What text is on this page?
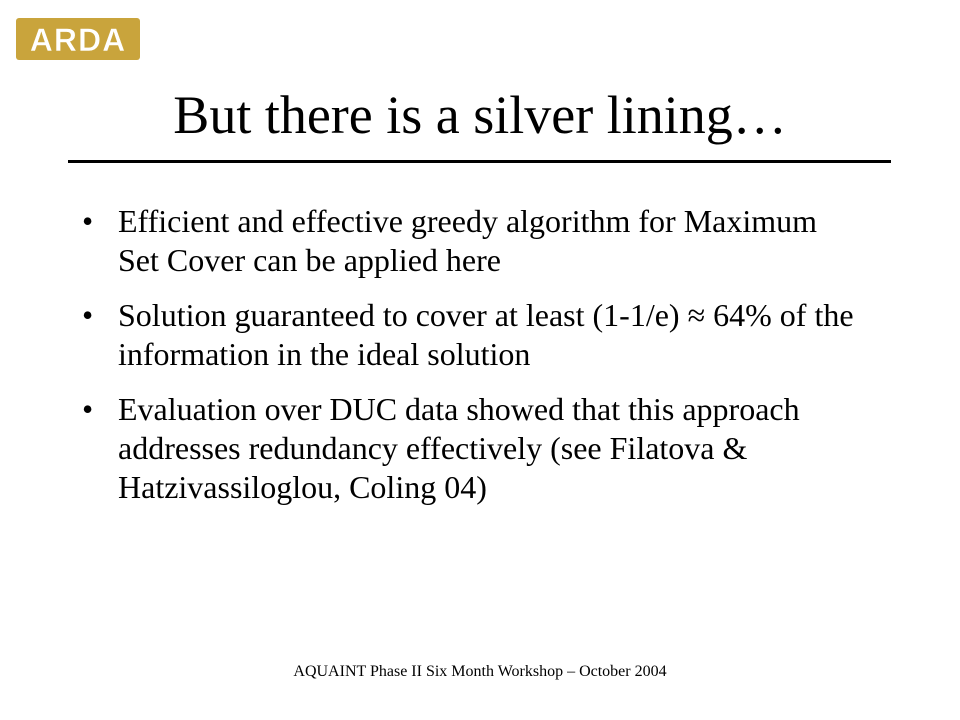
ARDA
But there is a silver lining…
• Efficient and effective greedy algorithm for Maximum Set Cover can be applied here
• Solution guaranteed to cover at least (1-1/e) ≈ 64% of the information in the ideal solution
• Evaluation over DUC data showed that this approach addresses redundancy effectively (see Filatova & Hatzivassiloglou, Coling 04)
AQUAINT Phase II Six Month Workshop – October 2004
